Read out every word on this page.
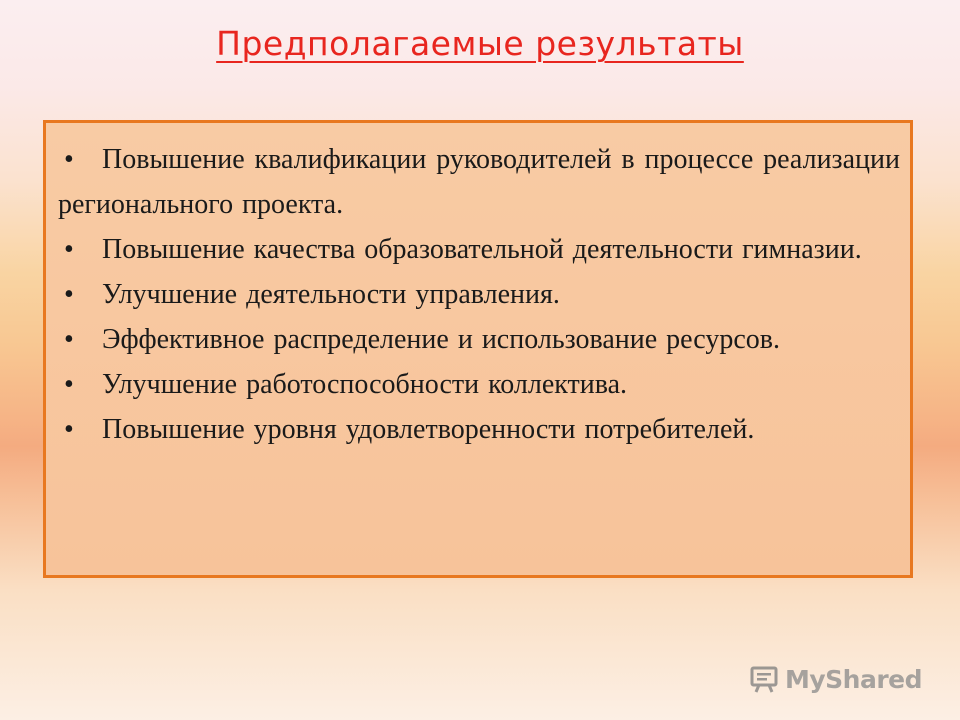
Предполагаемые результаты
• Повышение квалификации руководителей в процессе реализации регионального проекта.
• Повышение качества образовательной деятельности гимназии.
• Улучшение деятельности управления.
• Эффективное распределение и использование ресурсов.
• Улучшение работоспособности коллектива.
• Повышение уровня удовлетворенности потребителей.
MyShared
